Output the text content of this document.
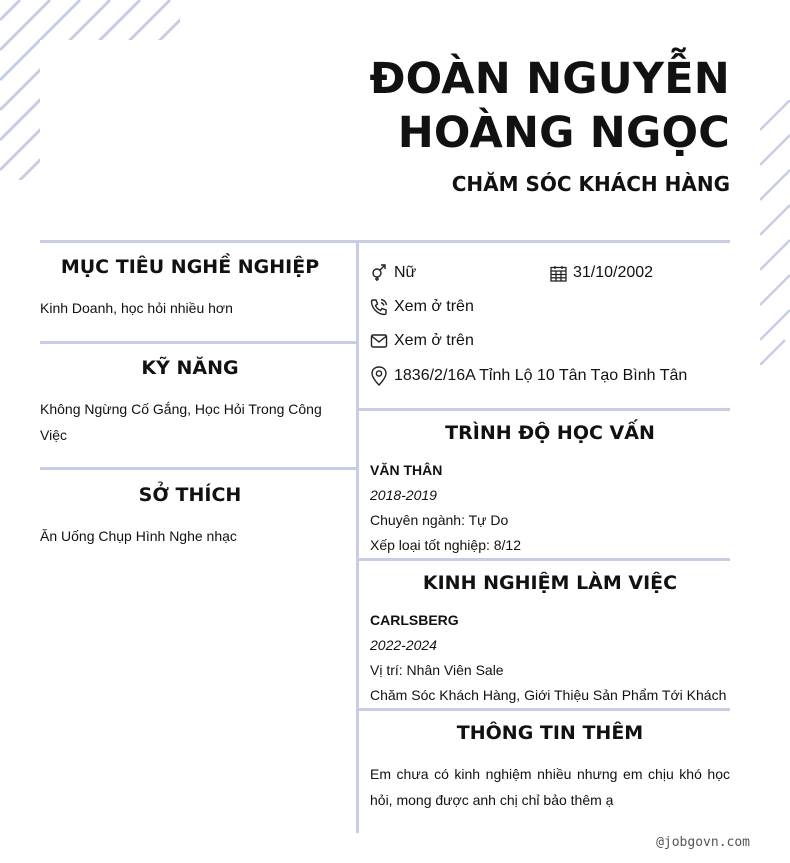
ĐOÀN NGUYỄN
HOÀNG NGỌC
CHĂM SÓC KHÁCH HÀNG
MỤC TIÊU NGHỀ NGHIỆP
Kinh Doanh, học hỏi nhiều hơn
KỸ NĂNG
Không Ngừng Cố Gắng, Học Hỏi Trong Công Việc
SỞ THÍCH
Ăn Uống Chụp Hình Nghe nhạc
Nữ	31/10/2002
Xem ở trên
Xem ở trên
1836/2/16A Tỉnh Lộ 10 Tân Tạo Bình Tân
TRÌNH ĐỘ HỌC VẤN
VĂN THÂN
2018-2019
Chuyên ngành: Tự Do
Xếp loại tốt nghiệp: 8/12
KINH NGHIỆM LÀM VIỆC
CARLSBERG
2022-2024
Vị trí: Nhân Viên Sale
Chăm Sóc Khách Hàng, Giới Thiệu Sản Phẩm Tới Khách
THÔNG TIN THÊM
Em chưa có kinh nghiệm nhiều nhưng em chịu khó học hỏi, mong được anh chị chỉ bảo thêm ạ
@jobgovn.com
